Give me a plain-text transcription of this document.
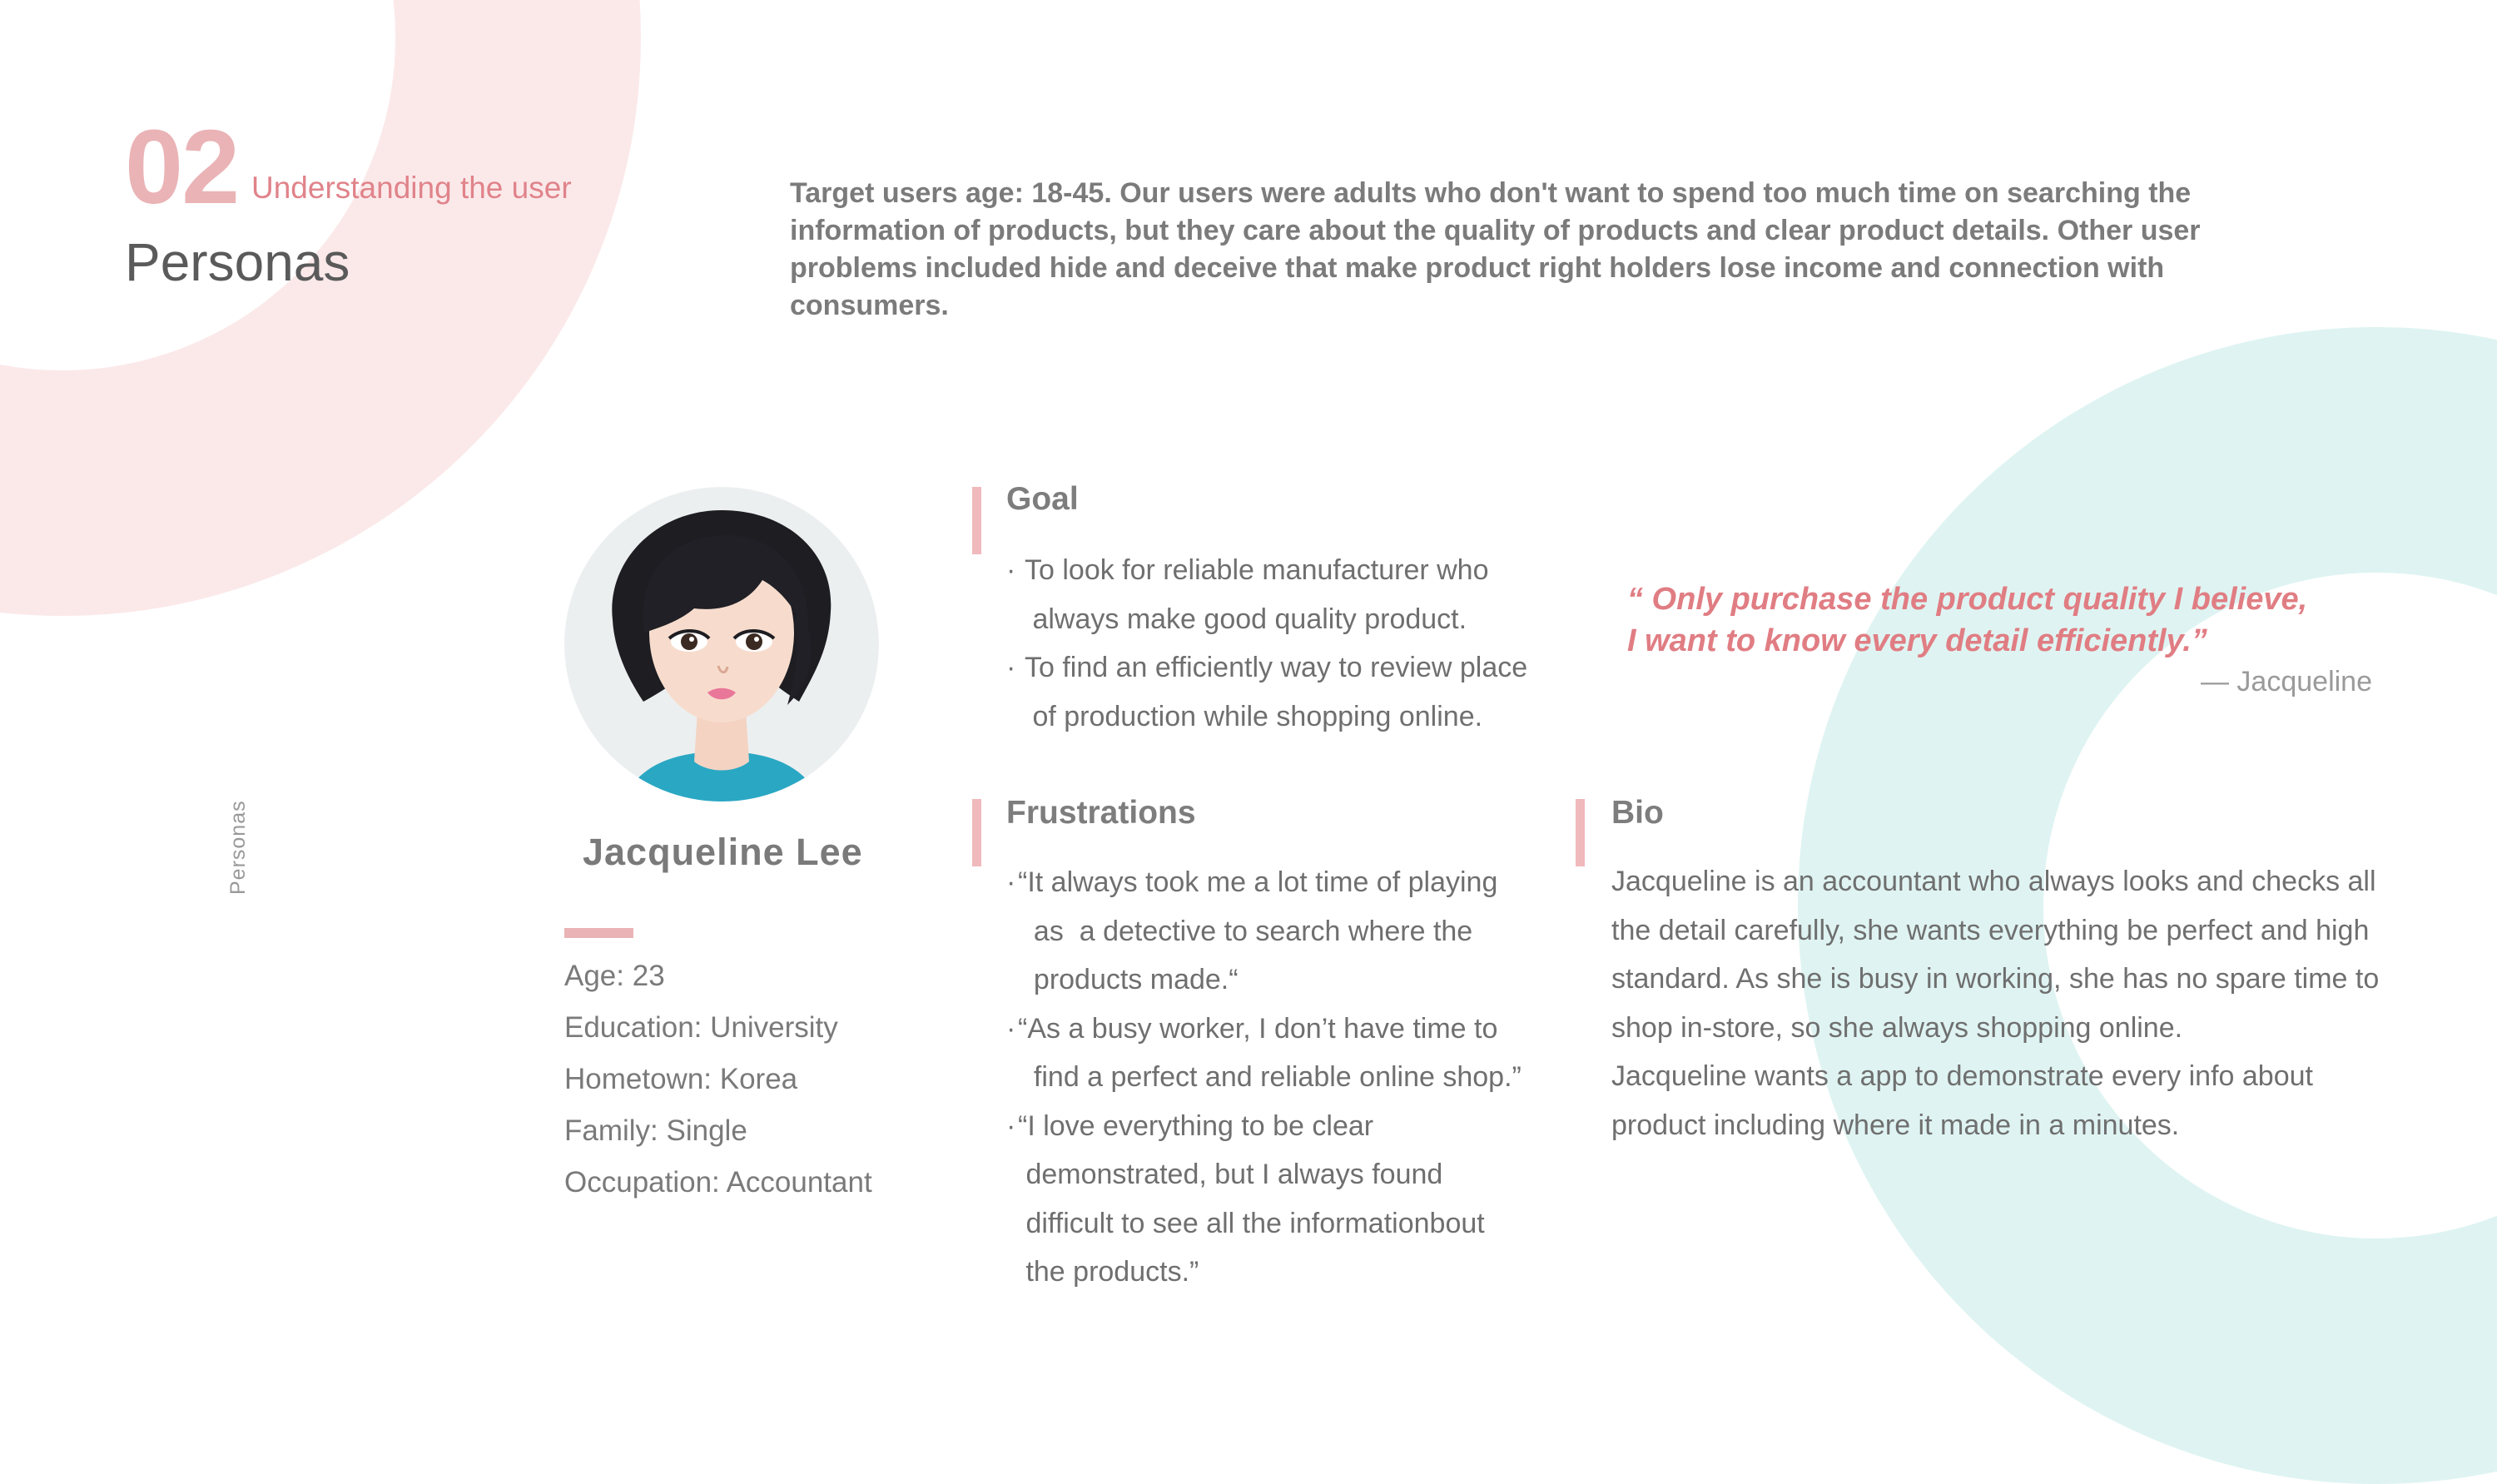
02 Understanding the user
Personas
Target users age: 18-45. Our users were adults who don't want to spend too much time on searching the information of products, but they care about the quality of products and clear product details. Other user problems included hide and deceive that make product right holders lose income and connection with consumers.
Personas	Jacqueline Lee
Age: 23
Education: University
Hometown: Korea
Family: Single
Occupation: Accountant
Goal
· To look for reliable manufacturer who
always make good quality product.
· To find an efficiently way to review place
of production while shopping online.
Frustrations
· “It always took me a lot time of playing
as  a detective to search where the
products made.“
· “As a busy worker, I don’t have time to
find a perfect and reliable online shop.”
· “I love everything to be clear
demonstrated, but I always found
difficult to see all the informationbout
the products.”
“ Only purchase the product quality I believe,
I want to know every detail efficiently.”
— Jacqueline
Bio

Jacqueline is an accountant who always looks and checks all the detail carefully, she wants everything be perfect and high standard. As she is busy in working, she has no spare time to shop in-store, so she always shopping online.

Jacqueline wants a app to demonstrate every info about product including where it made in a minutes.
